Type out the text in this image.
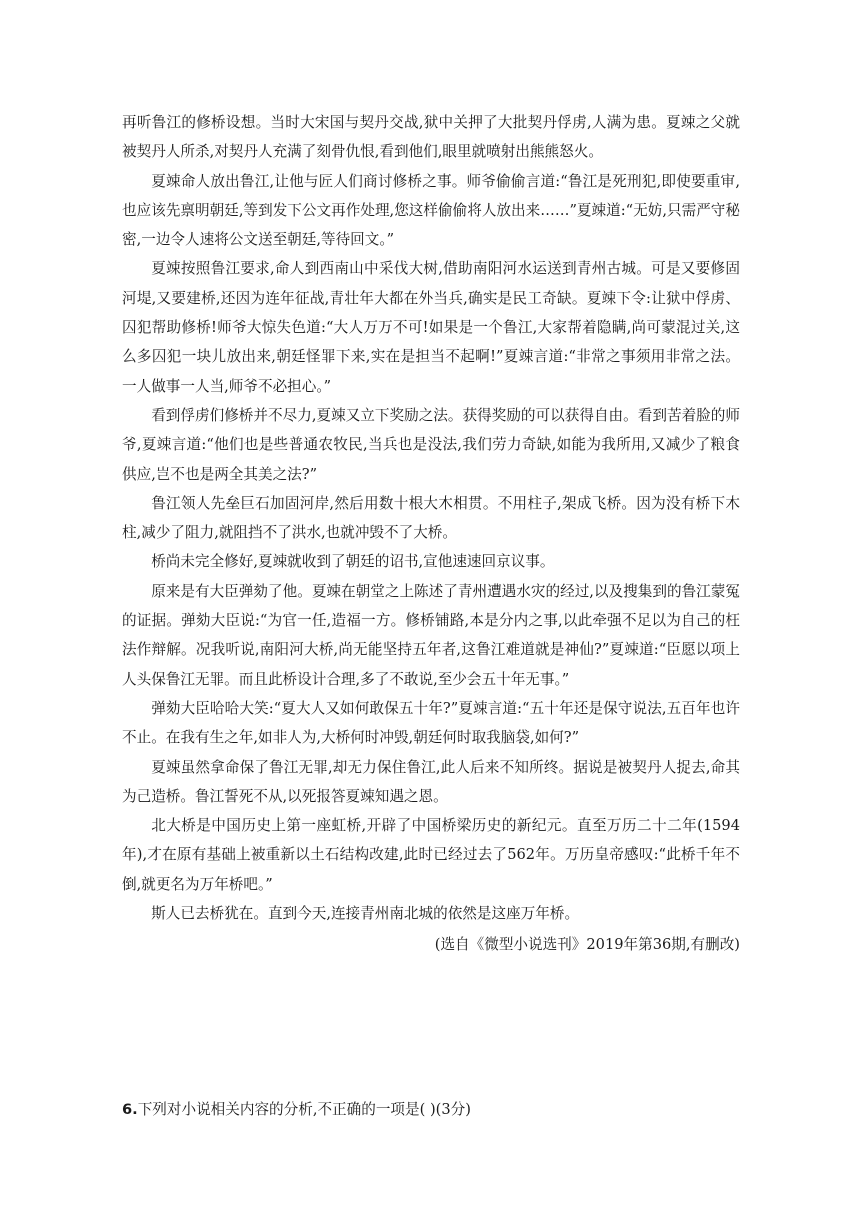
再听鲁江的修桥设想。当时大宋国与契丹交战,狱中关押了大批契丹俘虏,人满为患。夏竦之父就被契丹人所杀,对契丹人充满了刻骨仇恨,看到他们,眼里就喷射出熊熊怒火。

夏竦命人放出鲁江,让他与匠人们商讨修桥之事。师爷偷偷言道:“鲁江是死刑犯,即使要重审,也应该先禀明朝廷,等到发下公文再作处理,您这样偷偷将人放出来……”夏竦道:“无妨,只需严守秘密,一边令人速将公文送至朝廷,等待回文。”

夏竦按照鲁江要求,命人到西南山中采伐大树,借助南阳河水运送到青州古城。可是又要修固河堤,又要建桥,还因为连年征战,青壮年大都在外当兵,确实是民工奇缺。夏竦下令:让狱中俘虏、囚犯帮助修桥!师爷大惊失色道:“大人万万不可!如果是一个鲁江,大家帮着隐瞒,尚可蒙混过关,这么多囚犯一块儿放出来,朝廷怪罪下来,实在是担当不起啊!”夏竦言道:“非常之事须用非常之法。一人做事一人当,师爷不必担心。”

看到俘虏们修桥并不尽力,夏竦又立下奖励之法。获得奖励的可以获得自由。看到苦着脸的师爷,夏竦言道:“他们也是些普通农牧民,当兵也是没法,我们劳力奇缺,如能为我所用,又减少了粮食供应,岂不也是两全其美之法?”

鲁江领人先垒巨石加固河岸,然后用数十根大木相贯。不用柱子,架成飞桥。因为没有桥下木柱,减少了阻力,就阻挡不了洪水,也就冲毁不了大桥。

桥尚未完全修好,夏竦就收到了朝廷的诏书,宣他速速回京议事。

原来是有大臣弹劾了他。夏竦在朝堂之上陈述了青州遭遇水灾的经过,以及搜集到的鲁江蒙冤的证据。弹劾大臣说:“为官一任,造福一方。修桥铺路,本是分内之事,以此牵强不足以为自己的枉法作辩解。况我听说,南阳河大桥,尚无能坚持五年者,这鲁江难道就是神仙?”夏竦道:“臣愿以项上人头保鲁江无罪。而且此桥设计合理,多了不敢说,至少会五十年无事。”

弹劾大臣哈哈大笑:“夏大人又如何敢保五十年?”夏竦言道:“五十年还是保守说法,五百年也许不止。在我有生之年,如非人为,大桥何时冲毁,朝廷何时取我脑袋,如何?”

夏竦虽然拿命保了鲁江无罪,却无力保住鲁江,此人后来不知所终。据说是被契丹人捉去,命其为己造桥。鲁江誓死不从,以死报答夏竦知遇之恩。

北大桥是中国历史上第一座虹桥,开辟了中国桥梁历史的新纪元。直至万历二十二年(1594年),才在原有基础上被重新以土石结构改建,此时已经过去了562年。万历皇帝感叹:“此桥千年不倒,就更名为万年桥吧。”

斯人已去桥犹在。直到今天,连接青州南北城的依然是这座万年桥。

(选自《微型小说选刊》2019年第36期,有删改)

6.下列对小说相关内容的分析,不正确的一项是( )(3分)
